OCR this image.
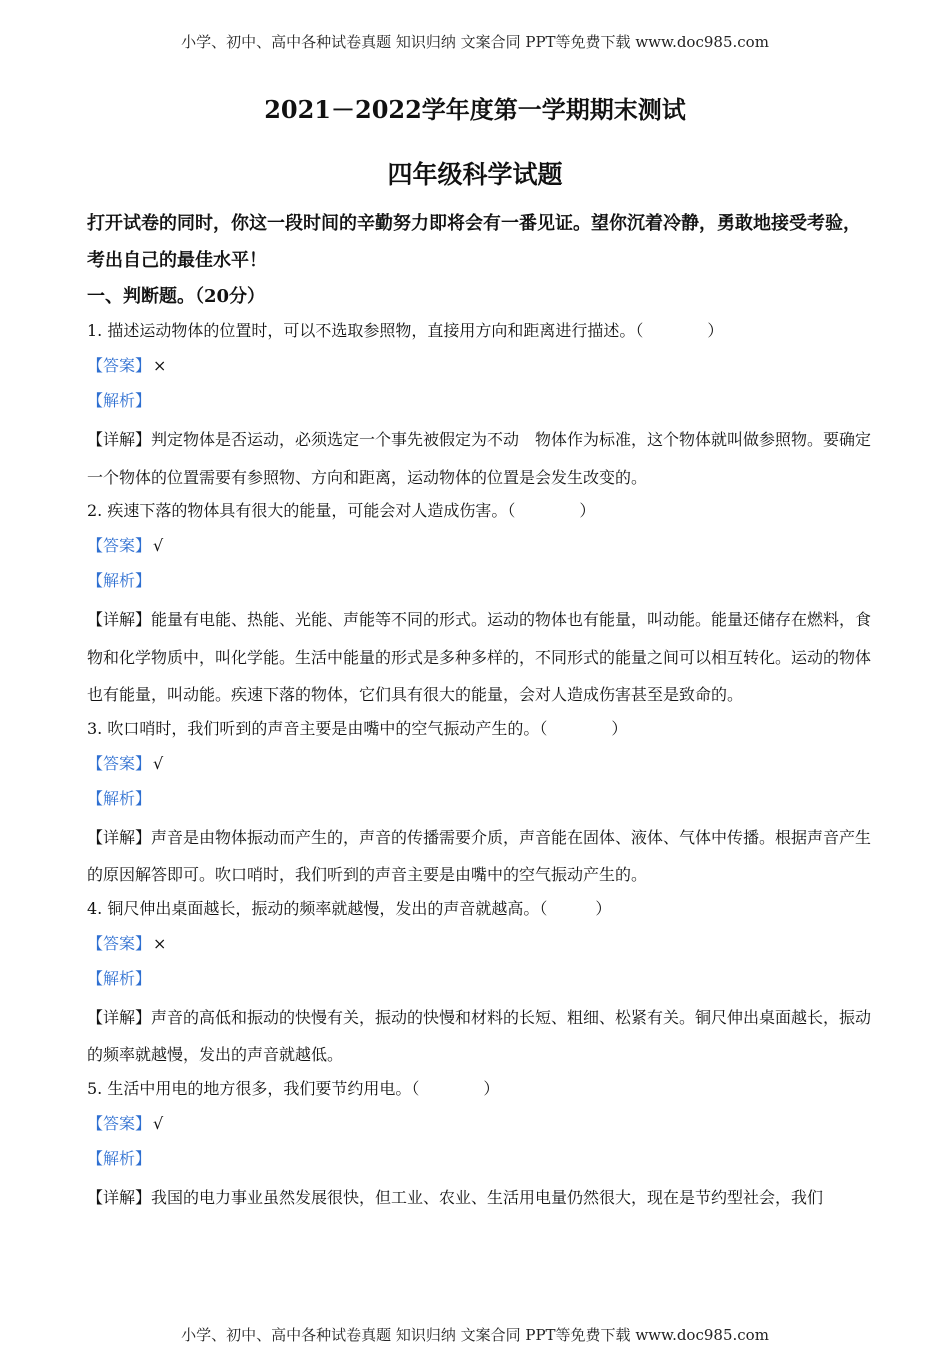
小学、初中、高中各种试卷真题 知识归纳 文案合同 PPT等免费下载 www.doc985.com
2021－2022学年度第一学期期末测试
四年级科学试题
打开试卷的同时，你这一段时间的辛勤努力即将会有一番见证。望你沉着冷静，勇敢地接受考验，考出自己的最佳水平！
一、判断题。（20分）
1. 描述运动物体的位置时，可以不选取参照物，直接用方向和距离进行描述。（　　　　）
【答案】 ×
【解析】
【详解】判定物体是否运动，必须选定一个事先被假定为不动　物体作为标准，这个物体就叫做参照物。要确定一个物体的位置需要有参照物、方向和距离，运动物体的位置是会发生改变的。
2. 疾速下落的物体具有很大的能量，可能会对人造成伤害。（　　　　）
【答案】 √
【解析】
【详解】能量有电能、热能、光能、声能等不同的形式。运动的物体也有能量，叫动能。能量还储存在燃料，食物和化学物质中，叫化学能。生活中能量的形式是多种多样的，不同形式的能量之间可以相互转化。运动的物体也有能量，叫动能。疾速下落的物体，它们具有很大的能量，会对人造成伤害甚至是致命的。
3. 吹口哨时，我们听到的声音主要是由嘴中的空气振动产生的。（　　　　）
【答案】 √
【解析】
【详解】声音是由物体振动而产生的，声音的传播需要介质，声音能在固体、液体、气体中传播。根据声音产生的原因解答即可。吹口哨时，我们听到的声音主要是由嘴中的空气振动产生的。
4. 铜尺伸出桌面越长，振动的频率就越慢，发出的声音就越高。（　　　）
【答案】 ×
【解析】
【详解】声音的高低和振动的快慢有关，振动的快慢和材料的长短、粗细、松紧有关。铜尺伸出桌面越长，振动的频率就越慢，发出的声音就越低。
5. 生活中用电的地方很多，我们要节约用电。（　　　　）
【答案】 √
【解析】
【详解】我国的电力事业虽然发展很快，但工业、农业、生活用电量仍然很大，现在是节约型社会，我们
小学、初中、高中各种试卷真题 知识归纳 文案合同 PPT等免费下载 www.doc985.com
